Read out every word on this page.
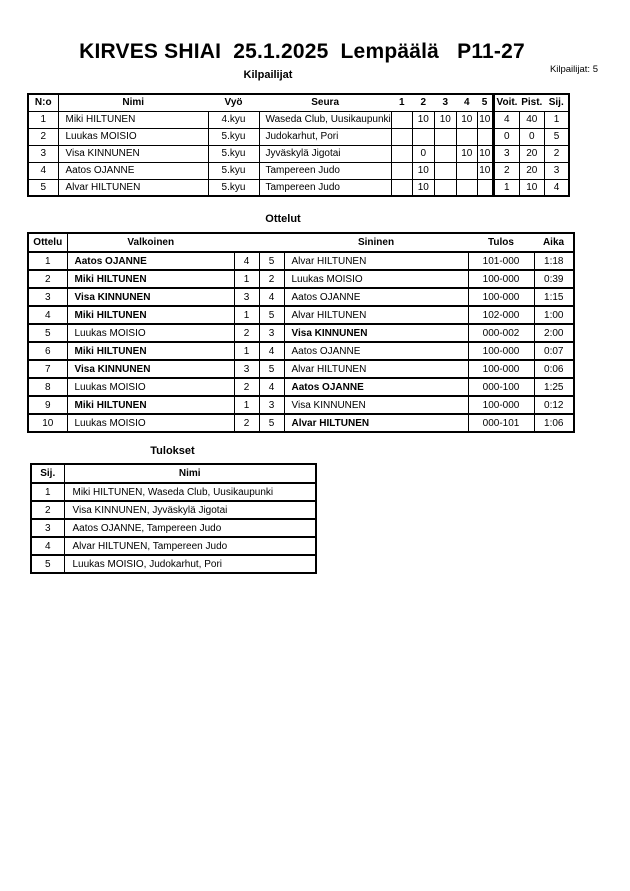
KIRVES SHIAI  25.1.2025  Lempäälä   P11-27
Kilpailijat	Kilpailijat: 5
N:o	Nimi	Vyö	Seura	1	2	3	4	5	Voit.	Pist.	Sij.
1	Miki HILTUNEN	4.kyu	Waseda Club, Uusikaupunki		10	10	10	10	4	40	1
2	Luukas MOISIO	5.kyu	Judokarhut, Pori						0	0	5
3	Visa KINNUNEN	5.kyu	Jyväskylä Jigotai		0		10	10	3	20	2
4	Aatos OJANNE	5.kyu	Tampereen Judo		10			10	2	20	3
5	Alvar HILTUNEN	5.kyu	Tampereen Judo		10				1	10	4
Ottelut
Ottelu	Valkoinen			Sininen	Tulos	Aika
1	Aatos OJANNE	4	5	Alvar HILTUNEN	101-000	1:18
2	Miki HILTUNEN	1	2	Luukas MOISIO	100-000	0:39
3	Visa KINNUNEN	3	4	Aatos OJANNE	100-000	1:15
4	Miki HILTUNEN	1	5	Alvar HILTUNEN	102-000	1:00
5	Luukas MOISIO	2	3	Visa KINNUNEN	000-002	2:00
6	Miki HILTUNEN	1	4	Aatos OJANNE	100-000	0:07
7	Visa KINNUNEN	3	5	Alvar HILTUNEN	100-000	0:06
8	Luukas MOISIO	2	4	Aatos OJANNE	000-100	1:25
9	Miki HILTUNEN	1	3	Visa KINNUNEN	100-000	0:12
10	Luukas MOISIO	2	5	Alvar HILTUNEN	000-101	1:06
Tulokset
Sij.	Nimi
1	Miki HILTUNEN, Waseda Club, Uusikaupunki
2	Visa KINNUNEN, Jyväskylä Jigotai
3	Aatos OJANNE, Tampereen Judo
4	Alvar HILTUNEN, Tampereen Judo
5	Luukas MOISIO, Judokarhut, Pori
